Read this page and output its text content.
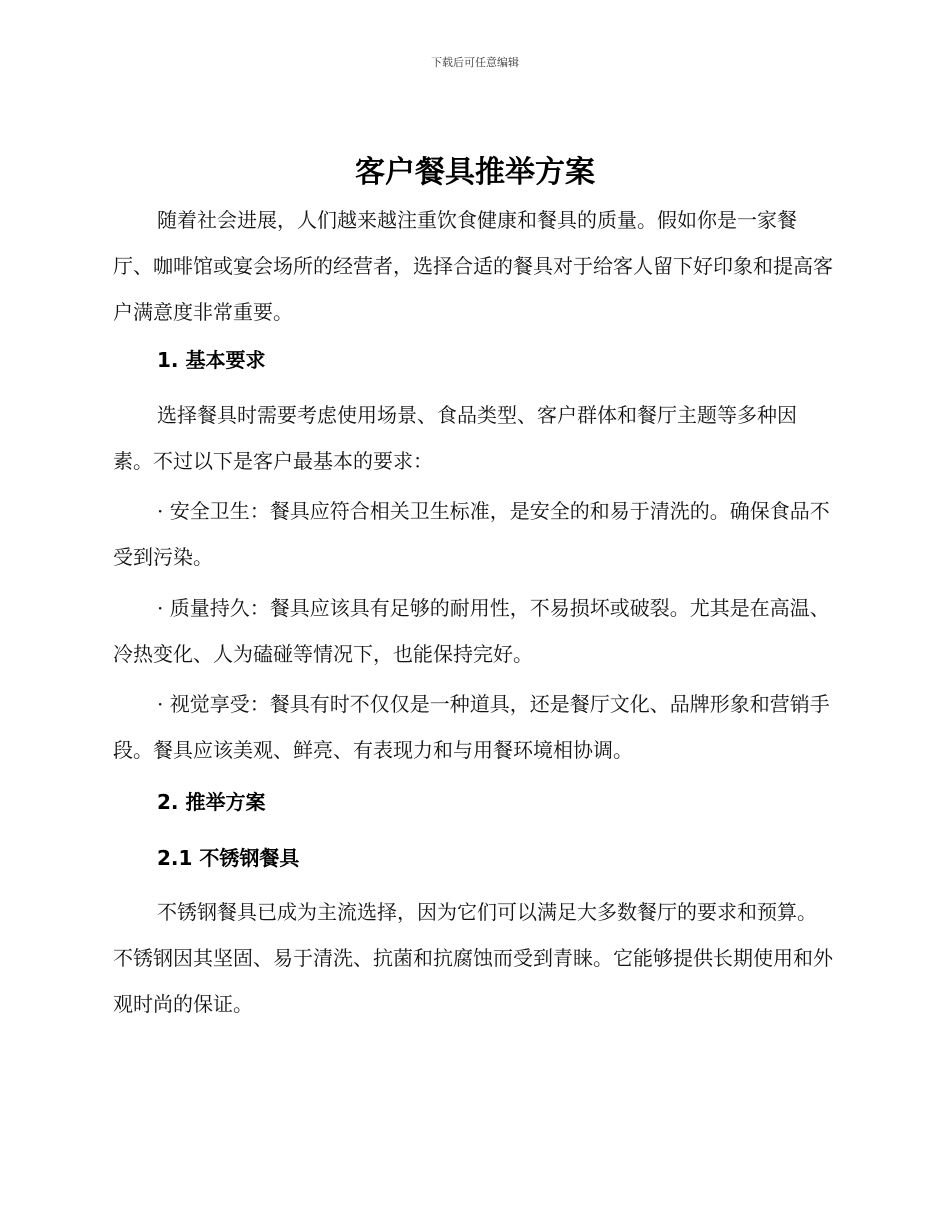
下载后可任意编辑
客户餐具推举方案

随着社会进展，人们越来越注重饮食健康和餐具的质量。假如你是一家餐厅、咖啡馆或宴会场所的经营者，选择合适的餐具对于给客人留下好印象和提高客户满意度非常重要。

1. 基本要求

选择餐具时需要考虑使用场景、食品类型、客户群体和餐厅主题等多种因素。不过以下是客户最基本的要求：

· 安全卫生：餐具应符合相关卫生标准，是安全的和易于清洗的。确保食品不受到污染。

· 质量持久：餐具应该具有足够的耐用性，不易损坏或破裂。尤其是在高温、冷热变化、人为磕碰等情况下，也能保持完好。

· 视觉享受：餐具有时不仅仅是一种道具，还是餐厅文化、品牌形象和营销手段。餐具应该美观、鲜亮、有表现力和与用餐环境相协调。

2. 推举方案
2.1 不锈钢餐具

不锈钢餐具已成为主流选择，因为它们可以满足大多数餐厅的要求和预算。不锈钢因其坚固、易于清洗、抗菌和抗腐蚀而受到青睐。它能够提供长期使用和外观时尚的保证。
